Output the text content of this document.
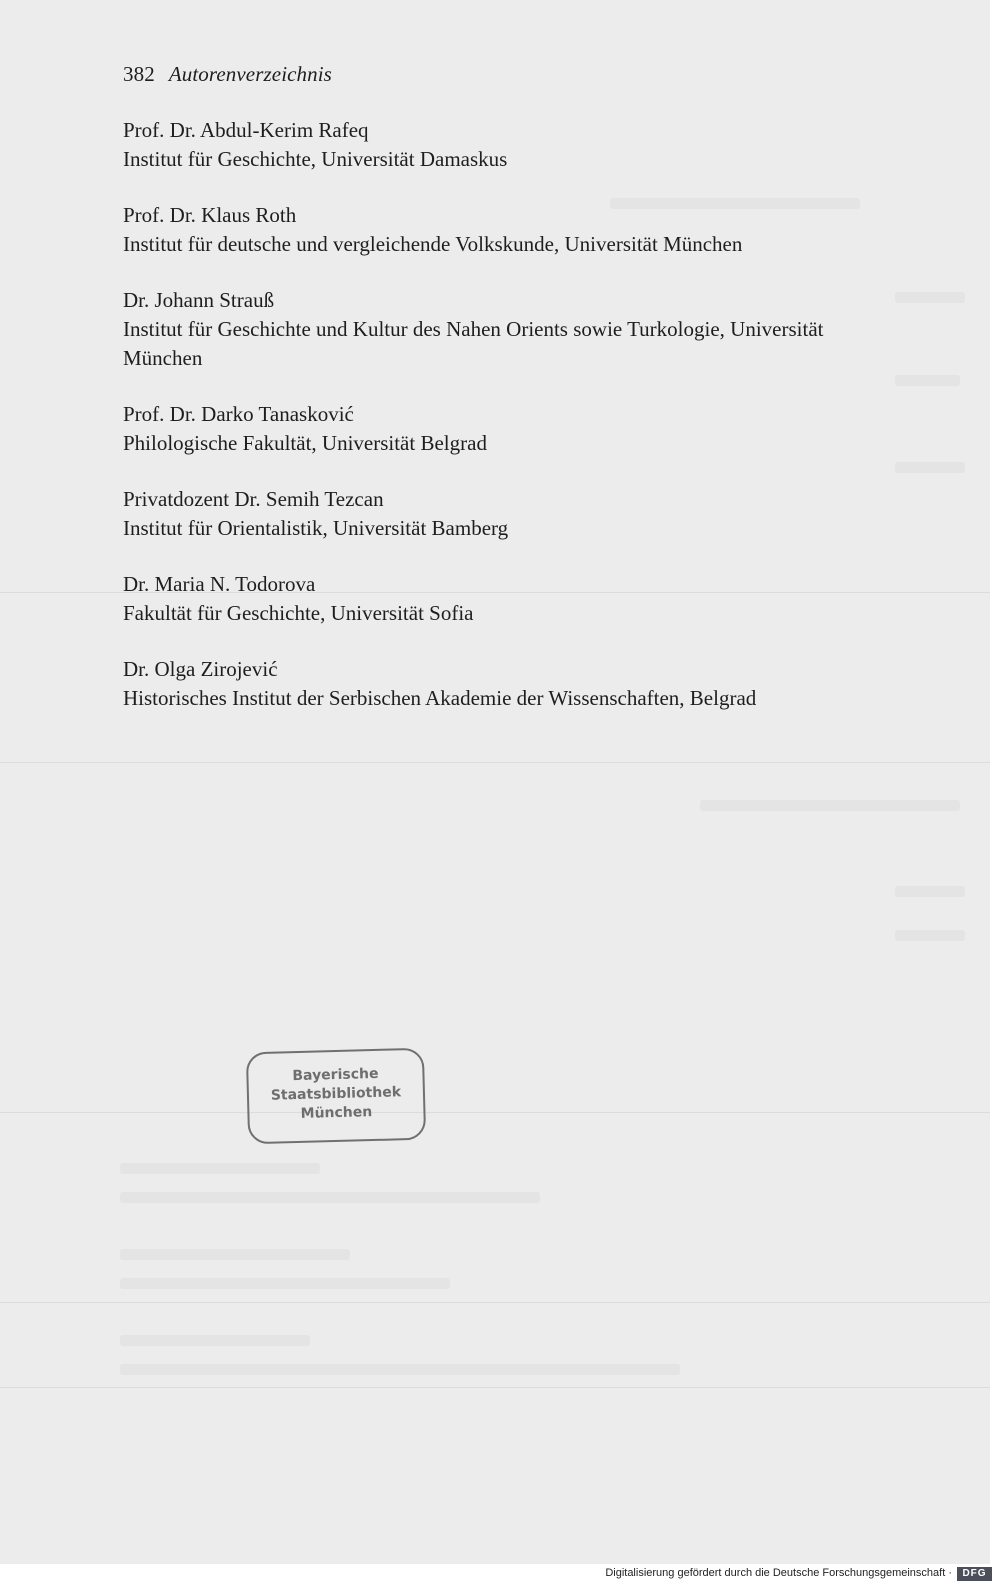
382 Autorenverzeichnis

Prof. Dr. Abdul-Kerim Rafeq

Institut für Geschichte, Universität Damaskus

Prof. Dr. Klaus Roth

Institut für deutsche und vergleichende Volkskunde, Universität München

Dr. Johann Strauß

Institut für Geschichte und Kultur des Nahen Orients sowie Turkologie, Universität

München

Prof. Dr. Darko Tanasković

Philologische Fakultät, Universität Belgrad

Privatdozent Dr. Semih Tezcan

Institut für Orientalistik, Universität Bamberg

Dr. Maria N. Todorova

Fakultät für Geschichte, Universität Sofia

Dr. Olga Zirojević

Historisches Institut der Serbischen Akademie der Wissenschaften, Belgrad

Bayerische
Staatsbibliothek
München
Digitalisierung gefördert durch die Deutsche Forschungsgemeinschaft ·	DFG
